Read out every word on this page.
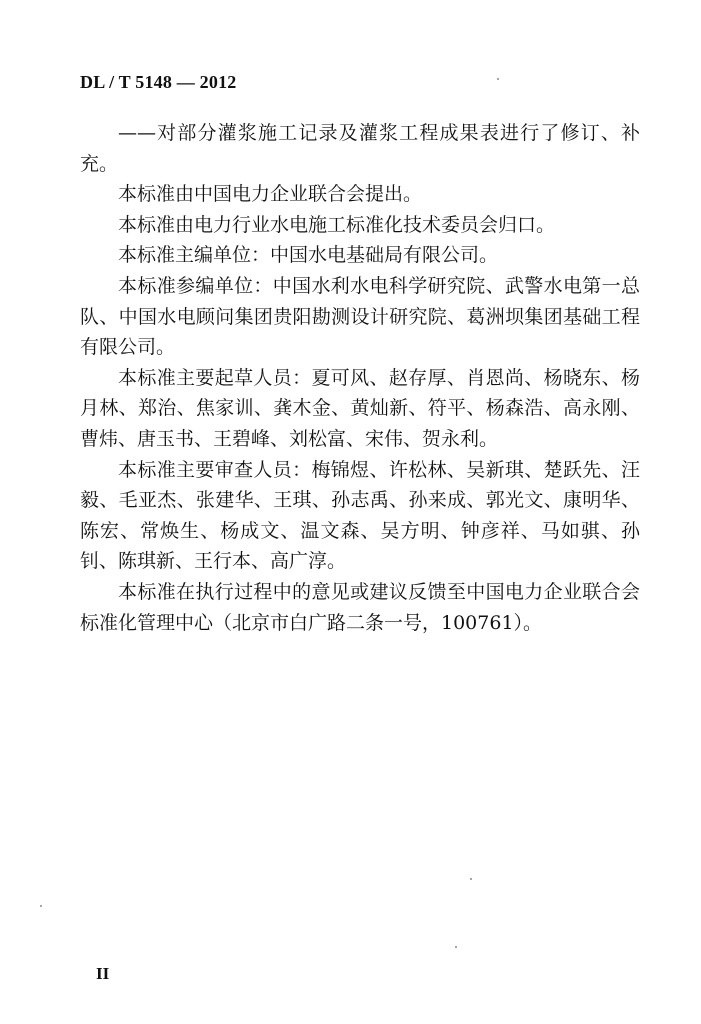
DL / T 5148 — 2012

——对部分灌浆施工记录及灌浆工程成果表进行了修订、补充。

本标准由中国电力企业联合会提出。

本标准由电力行业水电施工标准化技术委员会归口。

本标准主编单位：中国水电基础局有限公司。

本标准参编单位：中国水利水电科学研究院、武警水电第一总队、中国水电顾问集团贵阳勘测设计研究院、葛洲坝集团基础工程有限公司。

本标准主要起草人员：夏可风、赵存厚、肖恩尚、杨晓东、杨月林、郑治、焦家训、龚木金、黄灿新、符平、杨森浩、高永刚、曹炜、唐玉书、王碧峰、刘松富、宋伟、贺永利。

本标准主要审查人员：梅锦煜、许松林、吴新琪、楚跃先、汪毅、毛亚杰、张建华、王琪、孙志禹、孙来成、郭光文、康明华、陈宏、常焕生、杨成文、温文森、吴方明、钟彦祥、马如骐、孙钊、陈琪新、王行本、高广淳。

本标准在执行过程中的意见或建议反馈至中国电力企业联合会标准化管理中心（北京市白广路二条一号，100761）。

II
